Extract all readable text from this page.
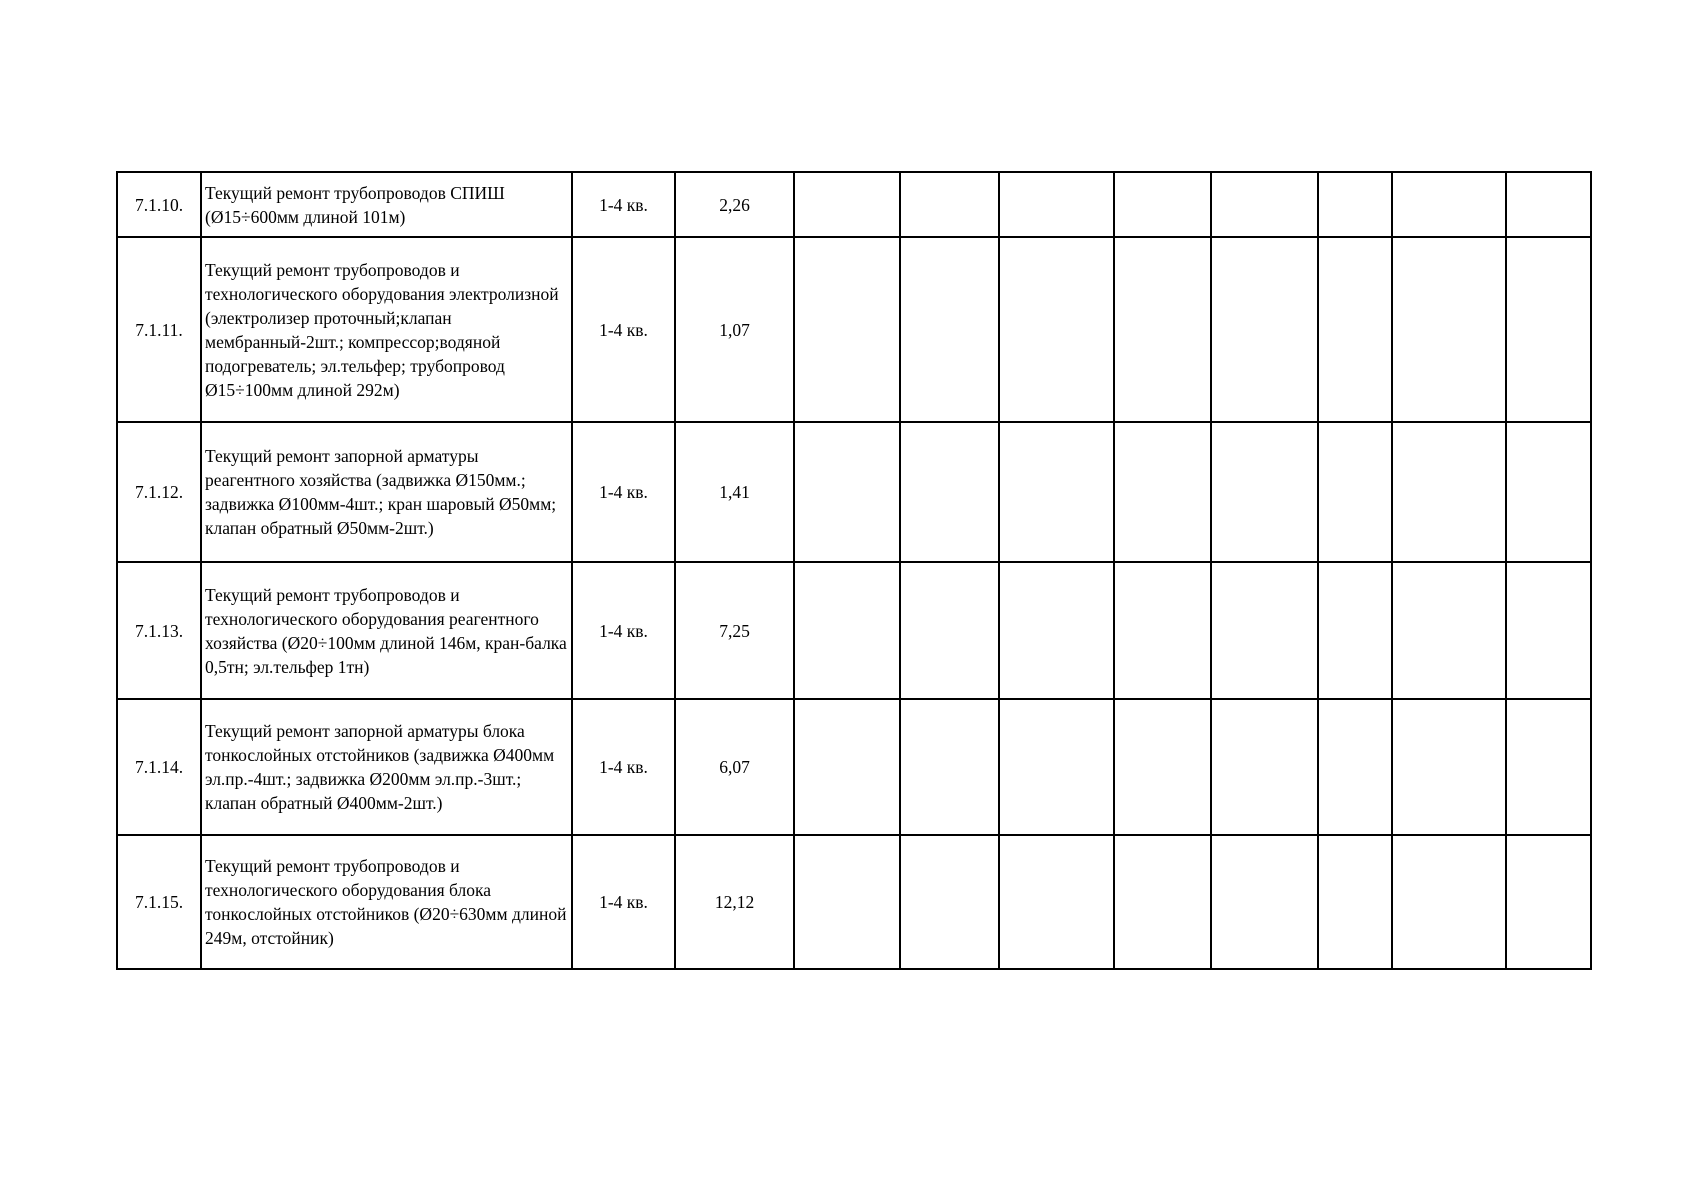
7.1.10.	Текущий ремонт трубопроводов СПИШ (Ø15÷600мм длиной 101м)	1-4 кв.	2,26								
7.1.11.	Текущий ремонт трубопроводов и технологического оборудования электролизной (электролизер проточный;клапан мембранный-2шт.; компрессор;водяной подогреватель; эл.тельфер; трубопровод Ø15÷100мм длиной 292м)	1-4 кв.	1,07								
7.1.12.	Текущий ремонт запорной арматуры реагентного хозяйства (задвижка Ø150мм.; задвижка Ø100мм-4шт.; кран шаровый Ø50мм; клапан обратный Ø50мм-2шт.)	1-4 кв.	1,41								
7.1.13.	Текущий ремонт трубопроводов и технологического оборудования реагентного хозяйства (Ø20÷100мм длиной 146м, кран-балка 0,5тн; эл.тельфер 1тн)	1-4 кв.	7,25								
7.1.14.	Текущий ремонт запорной арматуры блока тонкослойных отстойников (задвижка Ø400мм эл.пр.-4шт.; задвижка Ø200мм эл.пр.-3шт.; клапан обратный Ø400мм-2шт.)	1-4 кв.	6,07								
7.1.15.	Текущий ремонт трубопроводов и технологического оборудования блока тонкослойных отстойников (Ø20÷630мм длиной 249м, отстойник)	1-4 кв.	12,12								
